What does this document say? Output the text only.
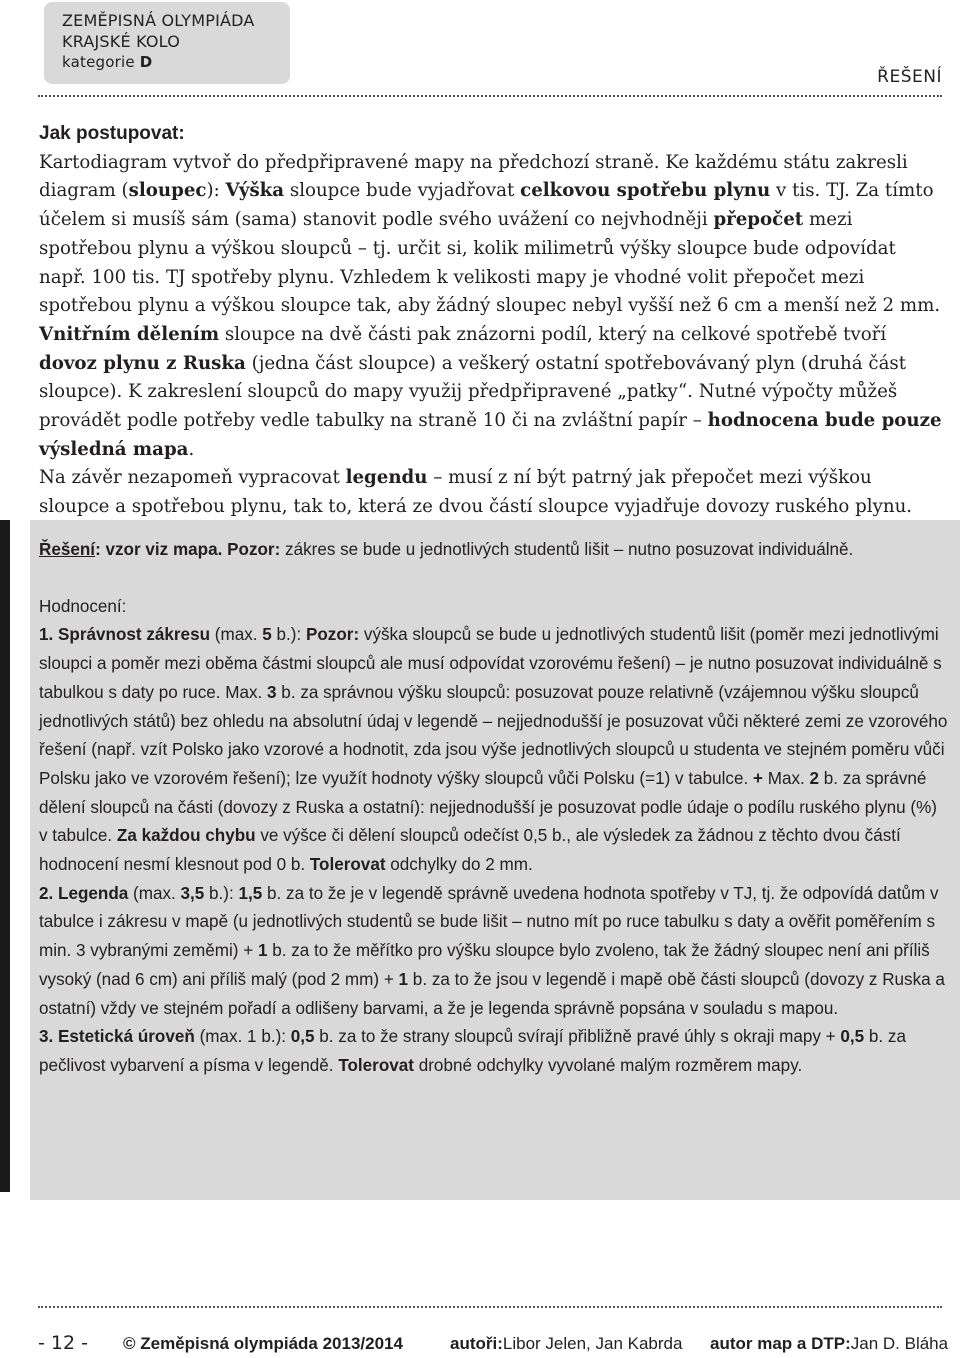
ZEMĚPISNÁ OLYMPIÁDA
KRAJSKÉ KOLO
kategorie D
ŘEŠENÍ

Jak postupovat:

Kartodiagram vytvoř do předpřipravené mapy na předchozí straně. Ke každému státu zakresli diagram (sloupec): Výška sloupce bude vyjadřovat celkovou spotřebu plynu v tis. TJ. Za tímto účelem si musíš sám (sama) stanovit podle svého uvážení co nejvhodněji přepočet mezi spotřebou plynu a výškou sloupců – tj. určit si, kolik milimetrů výšky sloupce bude odpovídat např. 100 tis. TJ spotřeby plynu. Vzhledem k velikosti mapy je vhodné volit přepočet mezi spotřebou plynu a výškou sloupce tak, aby žádný sloupec nebyl vyšší než 6 cm a menší než 2 mm.

Vnitřním dělením sloupce na dvě části pak znázorni podíl, který na celkové spotřebě tvoří dovoz plynu z Ruska (jedna část sloupce) a veškerý ostatní spotřebovávaný plyn (druhá část sloupce). K zakreslení sloupců do mapy využij předpřipravené „patky“. Nutné výpočty můžeš provádět podle potřeby vedle tabulky na straně 10 či na zvláštní papír – hodnocena bude pouze výsledná mapa.

Na závěr nezapomeň vypracovat legendu – musí z ní být patrný jak přepočet mezi výškou sloupce a spotřebou plynu, tak to, která ze dvou částí sloupce vyjadřuje dovozy ruského plynu.

Řešení: vzor viz mapa. Pozor: zákres se bude u jednotlivých studentů lišit – nutno posuzovat individuálně.

Hodnocení:

1. Správnost zákresu (max. 5 b.): Pozor: výška sloupců se bude u jednotlivých studentů lišit (poměr mezi jednotlivými sloupci a poměr mezi oběma částmi sloupců ale musí odpovídat vzorovému řešení) – je nutno posuzovat individuálně s tabulkou s daty po ruce. Max. 3 b. za správnou výšku sloupců: posuzovat pouze relativně (vzájemnou výšku sloupců jednotlivých států) bez ohledu na absolutní údaj v legendě – nejjednodušší je posuzovat vůči některé zemi ze vzorového řešení (např. vzít Polsko jako vzorové a hodnotit, zda jsou výše jednotlivých sloupců u studenta ve stejném poměru vůči Polsku jako ve vzorovém řešení); lze využít hodnoty výšky sloupců vůči Polsku (=1) v tabulce. + Max. 2 b. za správné dělení sloupců na části (dovozy z Ruska a ostatní): nejjednodušší je posuzovat podle údaje o podílu ruského plynu (%) v tabulce. Za každou chybu ve výšce či dělení sloupců odečíst 0,5 b., ale výsledek za žádnou z těchto dvou částí hodnocení nesmí klesnout pod 0 b. Tolerovat odchylky do 2 mm.

2. Legenda (max. 3,5 b.): 1,5 b. za to že je v legendě správně uvedena hodnota spotřeby v TJ, tj. že odpovídá datům v tabulce i zákresu v mapě (u jednotlivých studentů se bude lišit – nutno mít po ruce tabulku s daty a ověřit poměřením s min. 3 vybranými zeměmi) + 1 b. za to že měřítko pro výšku sloupce bylo zvoleno, tak že žádný sloupec není ani příliš vysoký (nad 6 cm) ani příliš malý (pod 2 mm) + 1 b. za to že jsou v legendě i mapě obě části sloupců (dovozy z Ruska a ostatní) vždy ve stejném pořadí a odlišeny barvami, a že je legenda správně popsána v souladu s mapou.

3. Estetická úroveň (max. 1 b.): 0,5 b. za to že strany sloupců svírají přibližně pravé úhly s okraji mapy + 0,5 b. za pečlivost vybarvení a písma v legendě. Tolerovat drobné odchylky vyvolané malým rozměrem mapy.

- 12 - © Zeměpisná olympiáda 2013/2014	autoři: Libor Jelen, Jan Kabrda autor map a DTP: Jan D. Bláha
